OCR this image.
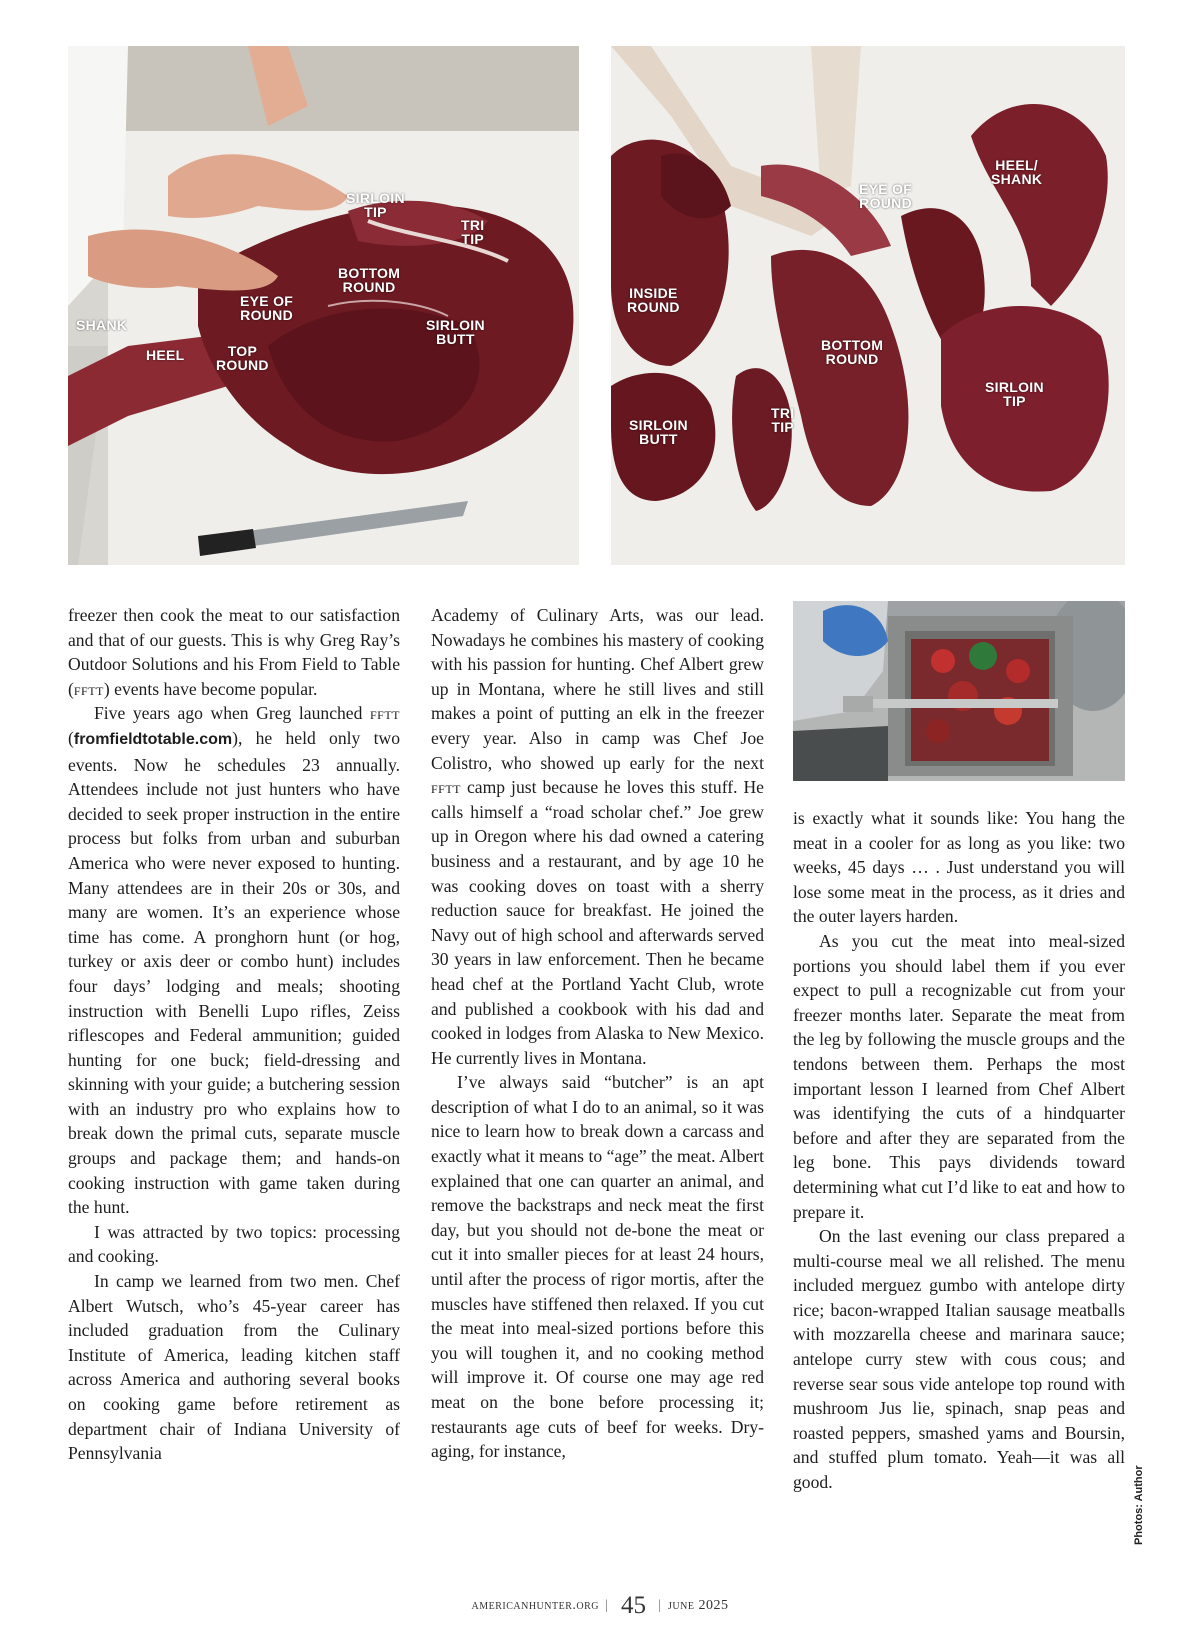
SIRLOIN
TIP
TRI
TIP
BOTTOM
ROUND
EYE OF
ROUND
SHANK	SIRLOIN
BUTT
HEEL	TOP
ROUND
HEEL/
SHANK
EYE OF
ROUND
INSIDE
ROUND
BOTTOM
ROUND
SIRLOIN
TIP
SIRLOIN
BUTT
TRI
TIP

freezer then cook the meat to our satisfaction and that of our guests. This is why Greg Ray’s Outdoor Solutions and his From Field to Table (fftt) events have become popular.

Five years ago when Greg launched fftt (fromfieldtotable.com), he held only two events. Now he schedules 23 annually. Attendees include not just hunters who have decided to seek proper instruction in the entire process but folks from urban and suburban America who were never exposed to hunting. Many attendees are in their 20s or 30s, and many are women. It’s an experience whose time has come. A pronghorn hunt (or hog, turkey or axis deer or combo hunt) includes four days’ lodging and meals; shooting instruction with Benelli Lupo rifles, Zeiss riflescopes and Federal ammunition; guided hunting for one buck; field-dressing and skinning with your guide; a butchering session with an industry pro who explains how to break down the primal cuts, separate muscle groups and package them; and hands-on cooking instruction with game taken during the hunt.

I was attracted by two topics: processing and cooking.

In camp we learned from two men. Chef Albert Wutsch, who’s 45-year career has included graduation from the Culinary Institute of America, leading kitchen staff across America and authoring several books on cooking game before retirement as department chair of Indiana University of Pennsylvania

Academy of Culinary Arts, was our lead. Nowadays he combines his mastery of cooking with his passion for hunting. Chef Albert grew up in Montana, where he still lives and still makes a point of putting an elk in the freezer every year. Also in camp was Chef Joe Colistro, who showed up early for the next fftt camp just because he loves this stuff. He calls himself a “road scholar chef.” Joe grew up in Oregon where his dad owned a catering business and a restaurant, and by age 10 he was cooking doves on toast with a sherry reduction sauce for breakfast. He joined the Navy out of high school and afterwards served 30 years in law enforcement. Then he became head chef at the Portland Yacht Club, wrote and published a cookbook with his dad and cooked in lodges from Alaska to New Mexico. He currently lives in Montana.

I’ve always said “butcher” is an apt description of what I do to an animal, so it was nice to learn how to break down a carcass and exactly what it means to “age” the meat. Albert explained that one can quarter an animal, and remove the backstraps and neck meat the first day, but you should not de-bone the meat or cut it into smaller pieces for at least 24 hours, until after the process of rigor mortis, after the muscles have stiffened then relaxed. If you cut the meat into meal-sized portions before this you will toughen it, and no cooking method will improve it. Of course one may age red meat on the bone before processing it; restaurants age cuts of beef for weeks. Dry-aging, for instance,

is exactly what it sounds like: You hang the meat in a cooler for as long as you like: two weeks, 45 days … . Just understand you will lose some meat in the process, as it dries and the outer layers harden.

As you cut the meat into meal-sized portions you should label them if you ever expect to pull a recognizable cut from your freezer months later. Separate the meat from the leg by following the muscle groups and the tendons between them. Perhaps the most important lesson I learned from Chef Albert was identifying the cuts of a hindquarter before and after they are separated from the leg bone. This pays dividends toward determining what cut I’d like to eat and how to prepare it.

On the last evening our class prepared a multi-course meal we all relished. The menu included merguez gumbo with antelope dirty rice; bacon-wrapped Italian sausage meatballs with mozzarella cheese and marinara sauce; antelope curry stew with cous cous; and reverse sear sous vide antelope top round with mushroom Jus lie, spinach, snap peas and roasted peppers, smashed yams and Boursin, and stuffed plum tomato. Yeah—it was all good.	Photos: Author
americanhunter.org | 45 | june 2025
